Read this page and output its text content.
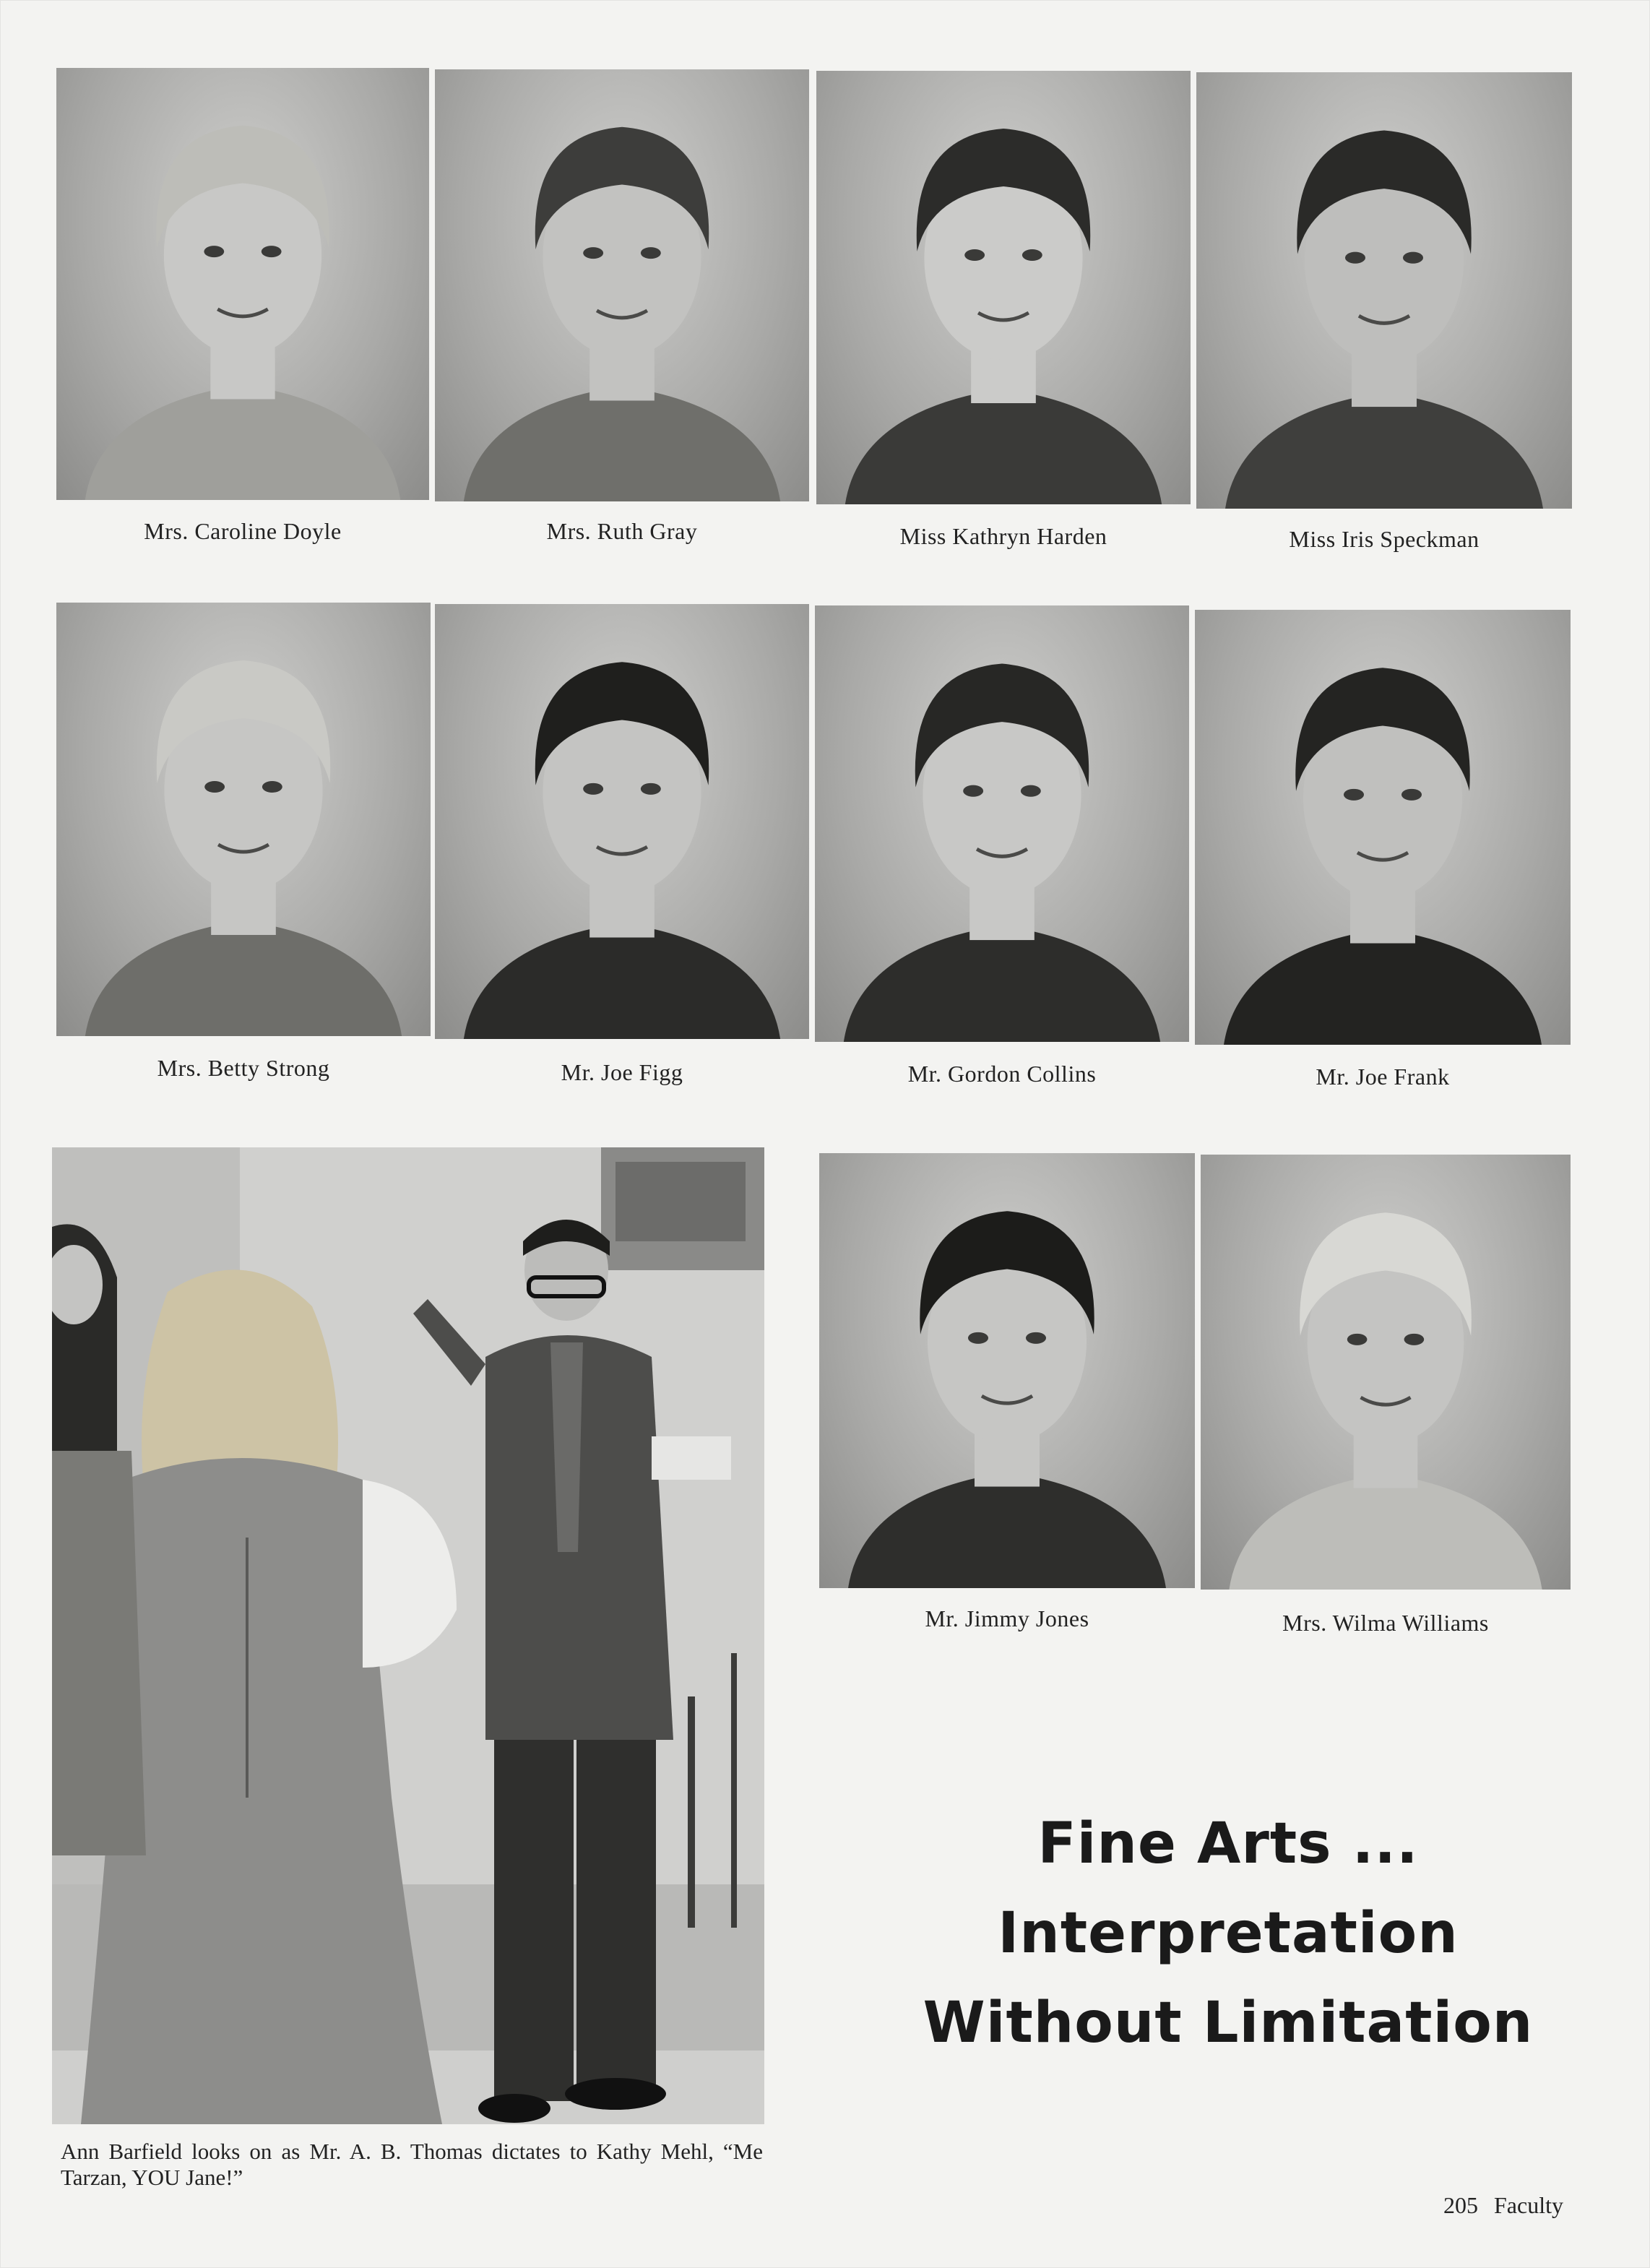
Mrs. Caroline Doyle	Mrs. Ruth Gray	Miss Kathryn Harden	Miss Iris Speckman
Mrs. Betty Strong	Mr. Joe Figg	Mr. Gordon Collins	Mr. Joe Frank
Ann Barfield looks on as Mr. A. B. Thomas dictates to Kathy Mehl, “Me Tarzan, YOU Jane!”
Mr. Jimmy Jones	Mrs. Wilma Williams
Fine Arts ...
Interpretation
Without Limitation
205 Faculty
